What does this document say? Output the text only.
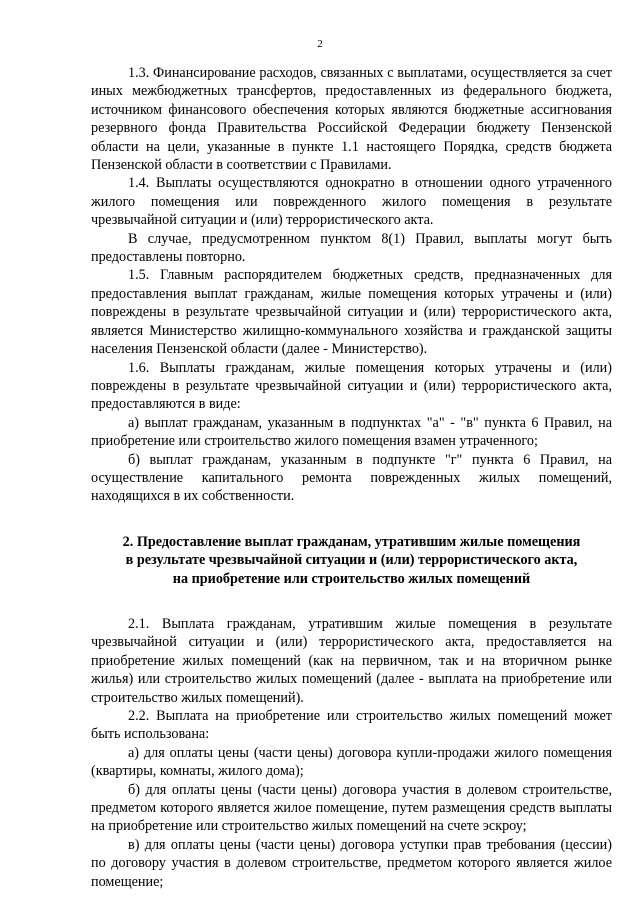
2

1.3. Финансирование расходов, связанных с выплатами, осуществляется за счет иных межбюджетных трансфертов, предоставленных из федерального бюджета, источником финансового обеспечения которых являются бюджетные ассигнования резервного фонда Правительства Российской Федерации бюджету Пензенской области на цели, указанные в пункте 1.1 настоящего Порядка, средств бюджета Пензенской области в соответствии с Правилами.

1.4. Выплаты осуществляются однократно в отношении одного утраченного жилого помещения или поврежденного жилого помещения в результате чрезвычайной ситуации и (или) террористического акта.

В случае, предусмотренном пунктом 8(1) Правил, выплаты могут быть предоставлены повторно.

1.5. Главным распорядителем бюджетных средств, предназначенных для предоставления выплат гражданам, жилые помещения которых утрачены и (или) повреждены в результате чрезвычайной ситуации и (или) террористического акта, является Министерство жилищно-коммунального хозяйства и гражданской защиты населения Пензенской области (далее - Министерство).

1.6. Выплаты гражданам, жилые помещения которых утрачены и (или) повреждены в результате чрезвычайной ситуации и (или) террористического акта, предоставляются в виде:

а) выплат гражданам, указанным в подпунктах "а" - "в" пункта 6 Правил, на приобретение или строительство жилого помещения взамен утраченного;

б) выплат гражданам, указанным в подпункте "г" пункта 6 Правил, на осуществление капитального ремонта поврежденных жилых помещений, находящихся в их собственности.

2. Предоставление выплат гражданам, утратившим жилые помещения
в результате чрезвычайной ситуации и (или) террористического акта,
на приобретение или строительство жилых помещений

2.1. Выплата гражданам, утратившим жилые помещения в результате чрезвычайной ситуации и (или) террористического акта, предоставляется на приобретение жилых помещений (как на первичном, так и на вторичном рынке жилья) или строительство жилых помещений (далее - выплата на приобретение или строительство жилых помещений).

2.2. Выплата на приобретение или строительство жилых помещений может быть использована:

а) для оплаты цены (части цены) договора купли-продажи жилого помещения (квартиры, комнаты, жилого дома);

б) для оплаты цены (части цены) договора участия в долевом строительстве, предметом которого является жилое помещение, путем размещения средств выплаты на приобретение или строительство жилых помещений на счете эскроу;

в) для оплаты цены (части цены) договора уступки прав требования (цессии) по договору участия в долевом строительстве, предметом которого является жилое помещение;
